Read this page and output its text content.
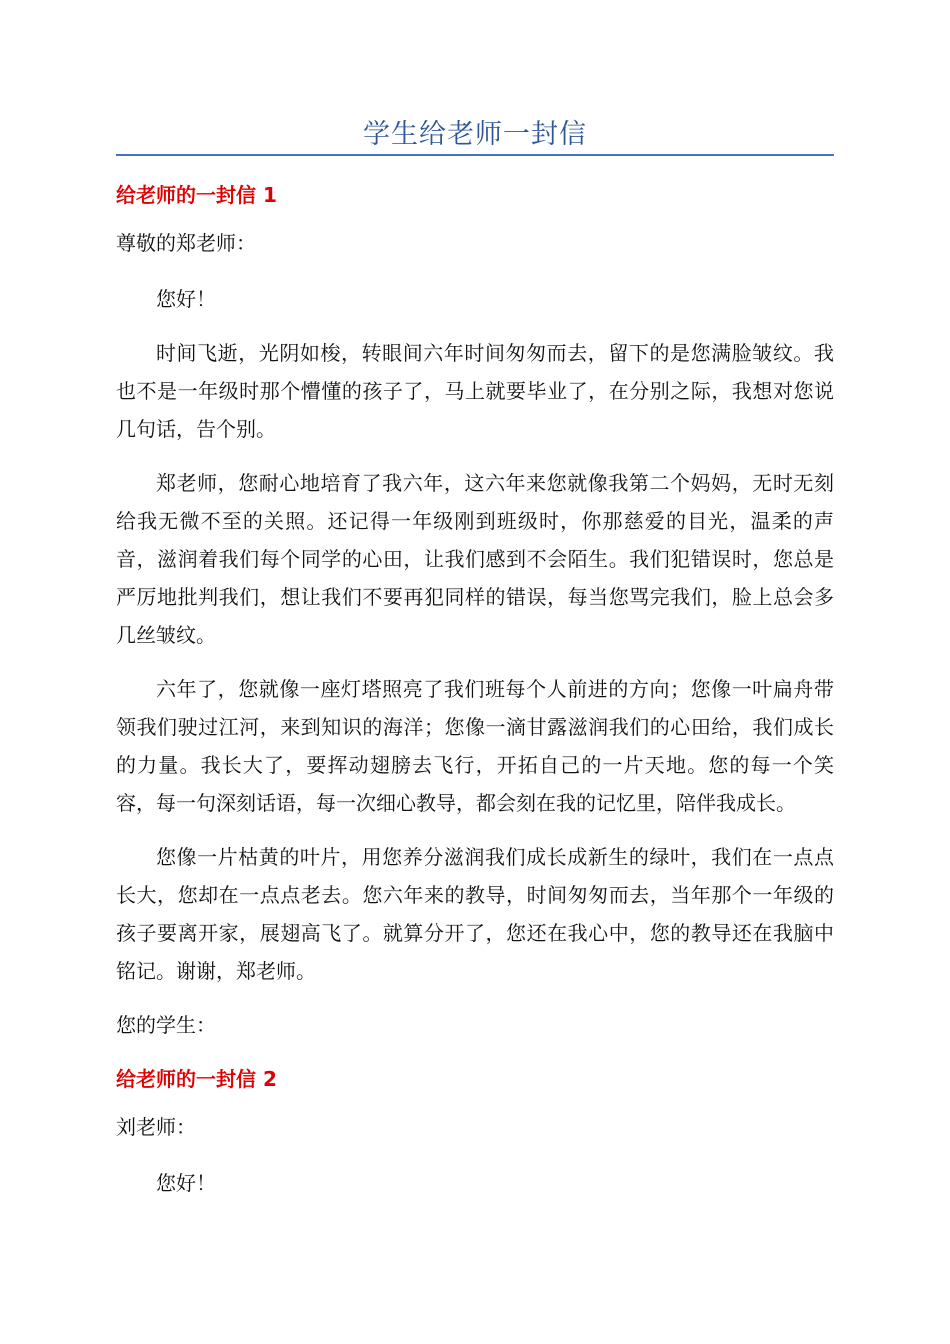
学生给老师一封信
给老师的一封信 1
尊敬的郑老师：

您好！

时间飞逝，光阴如梭，转眼间六年时间匆匆而去，留下的是您满脸皱纹。我也不是一年级时那个懵懂的孩子了，马上就要毕业了，在分别之际，我想对您说几句话，告个别。

郑老师，您耐心地培育了我六年，这六年来您就像我第二个妈妈，无时无刻给我无微不至的关照。还记得一年级刚到班级时，你那慈爱的目光，温柔的声音，滋润着我们每个同学的心田，让我们感到不会陌生。我们犯错误时，您总是严厉地批判我们，想让我们不要再犯同样的错误，每当您骂完我们，脸上总会多几丝皱纹。

六年了，您就像一座灯塔照亮了我们班每个人前进的方向；您像一叶扁舟带领我们驶过江河，来到知识的海洋；您像一滴甘露滋润我们的心田给，我们成长的力量。我长大了，要挥动翅膀去飞行，开拓自己的一片天地。您的每一个笑容，每一句深刻话语，每一次细心教导，都会刻在我的记忆里，陪伴我成长。

您像一片枯黄的叶片，用您养分滋润我们成长成新生的绿叶，我们在一点点长大，您却在一点点老去。您六年来的教导，时间匆匆而去，当年那个一年级的孩子要离开家，展翅高飞了。就算分开了，您还在我心中，您的教导还在我脑中铭记。谢谢，郑老师。

您的学生：
给老师的一封信 2
刘老师：

您好！
